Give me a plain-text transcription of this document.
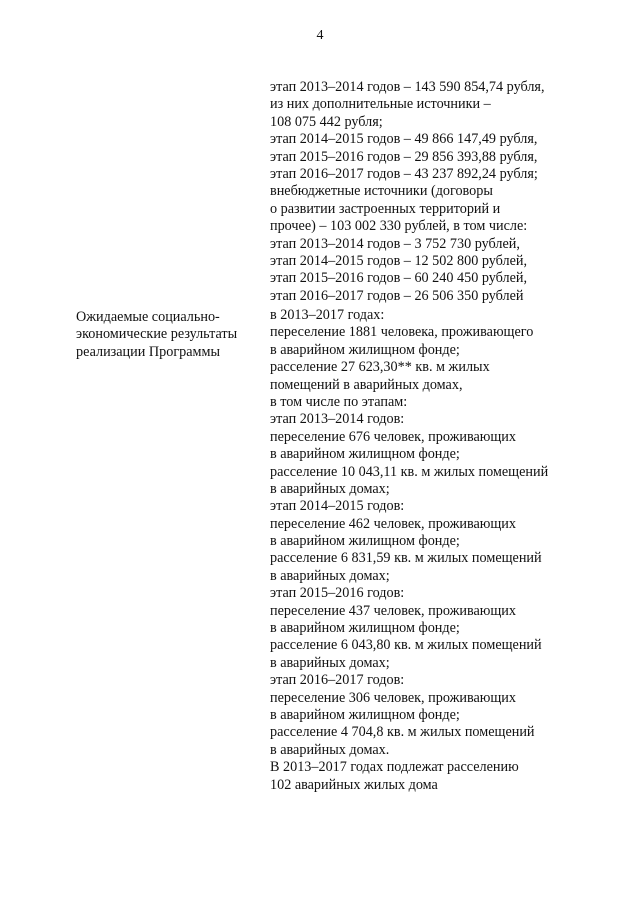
4
этап 2013–2014 годов – 143 590 854,74 рубля,
из них дополнительные источники –
108 075 442 рубля;
этап 2014–2015 годов – 49 866 147,49 рубля,
этап 2015–2016 годов – 29 856 393,88 рубля,
этап 2016–2017 годов – 43 237 892,24 рубля;
внебюджетные источники (договоры
о развитии застроенных территорий и
прочее) – 103 002 330 рублей, в том числе:
этап 2013–2014 годов – 3 752 730 рублей,
этап 2014–2015 годов – 12 502 800 рублей,
этап 2015–2016 годов – 60 240 450 рублей,
этап 2016–2017 годов – 26 506 350 рублей
Ожидаемые социально-
экономические результаты
реализации Программы
в 2013–2017 годах:
переселение 1881 человека, проживающего
в аварийном жилищном фонде;
расселение 27 623,30** кв. м жилых
помещений в аварийных домах,
в том числе по этапам:
этап 2013–2014 годов:
переселение 676 человек, проживающих
в аварийном жилищном фонде;
расселение 10 043,11 кв. м жилых помещений
в аварийных домах;
этап 2014–2015 годов:
переселение 462 человек, проживающих
в аварийном жилищном фонде;
расселение 6 831,59 кв. м жилых помещений
в аварийных домах;
этап 2015–2016 годов:
переселение 437 человек, проживающих
в аварийном жилищном фонде;
расселение 6 043,80 кв. м жилых помещений
в аварийных домах;
этап 2016–2017 годов:
переселение 306 человек, проживающих
в аварийном жилищном фонде;
расселение 4 704,8 кв. м жилых помещений
в аварийных домах.
В 2013–2017 годах подлежат расселению
102 аварийных жилых дома
